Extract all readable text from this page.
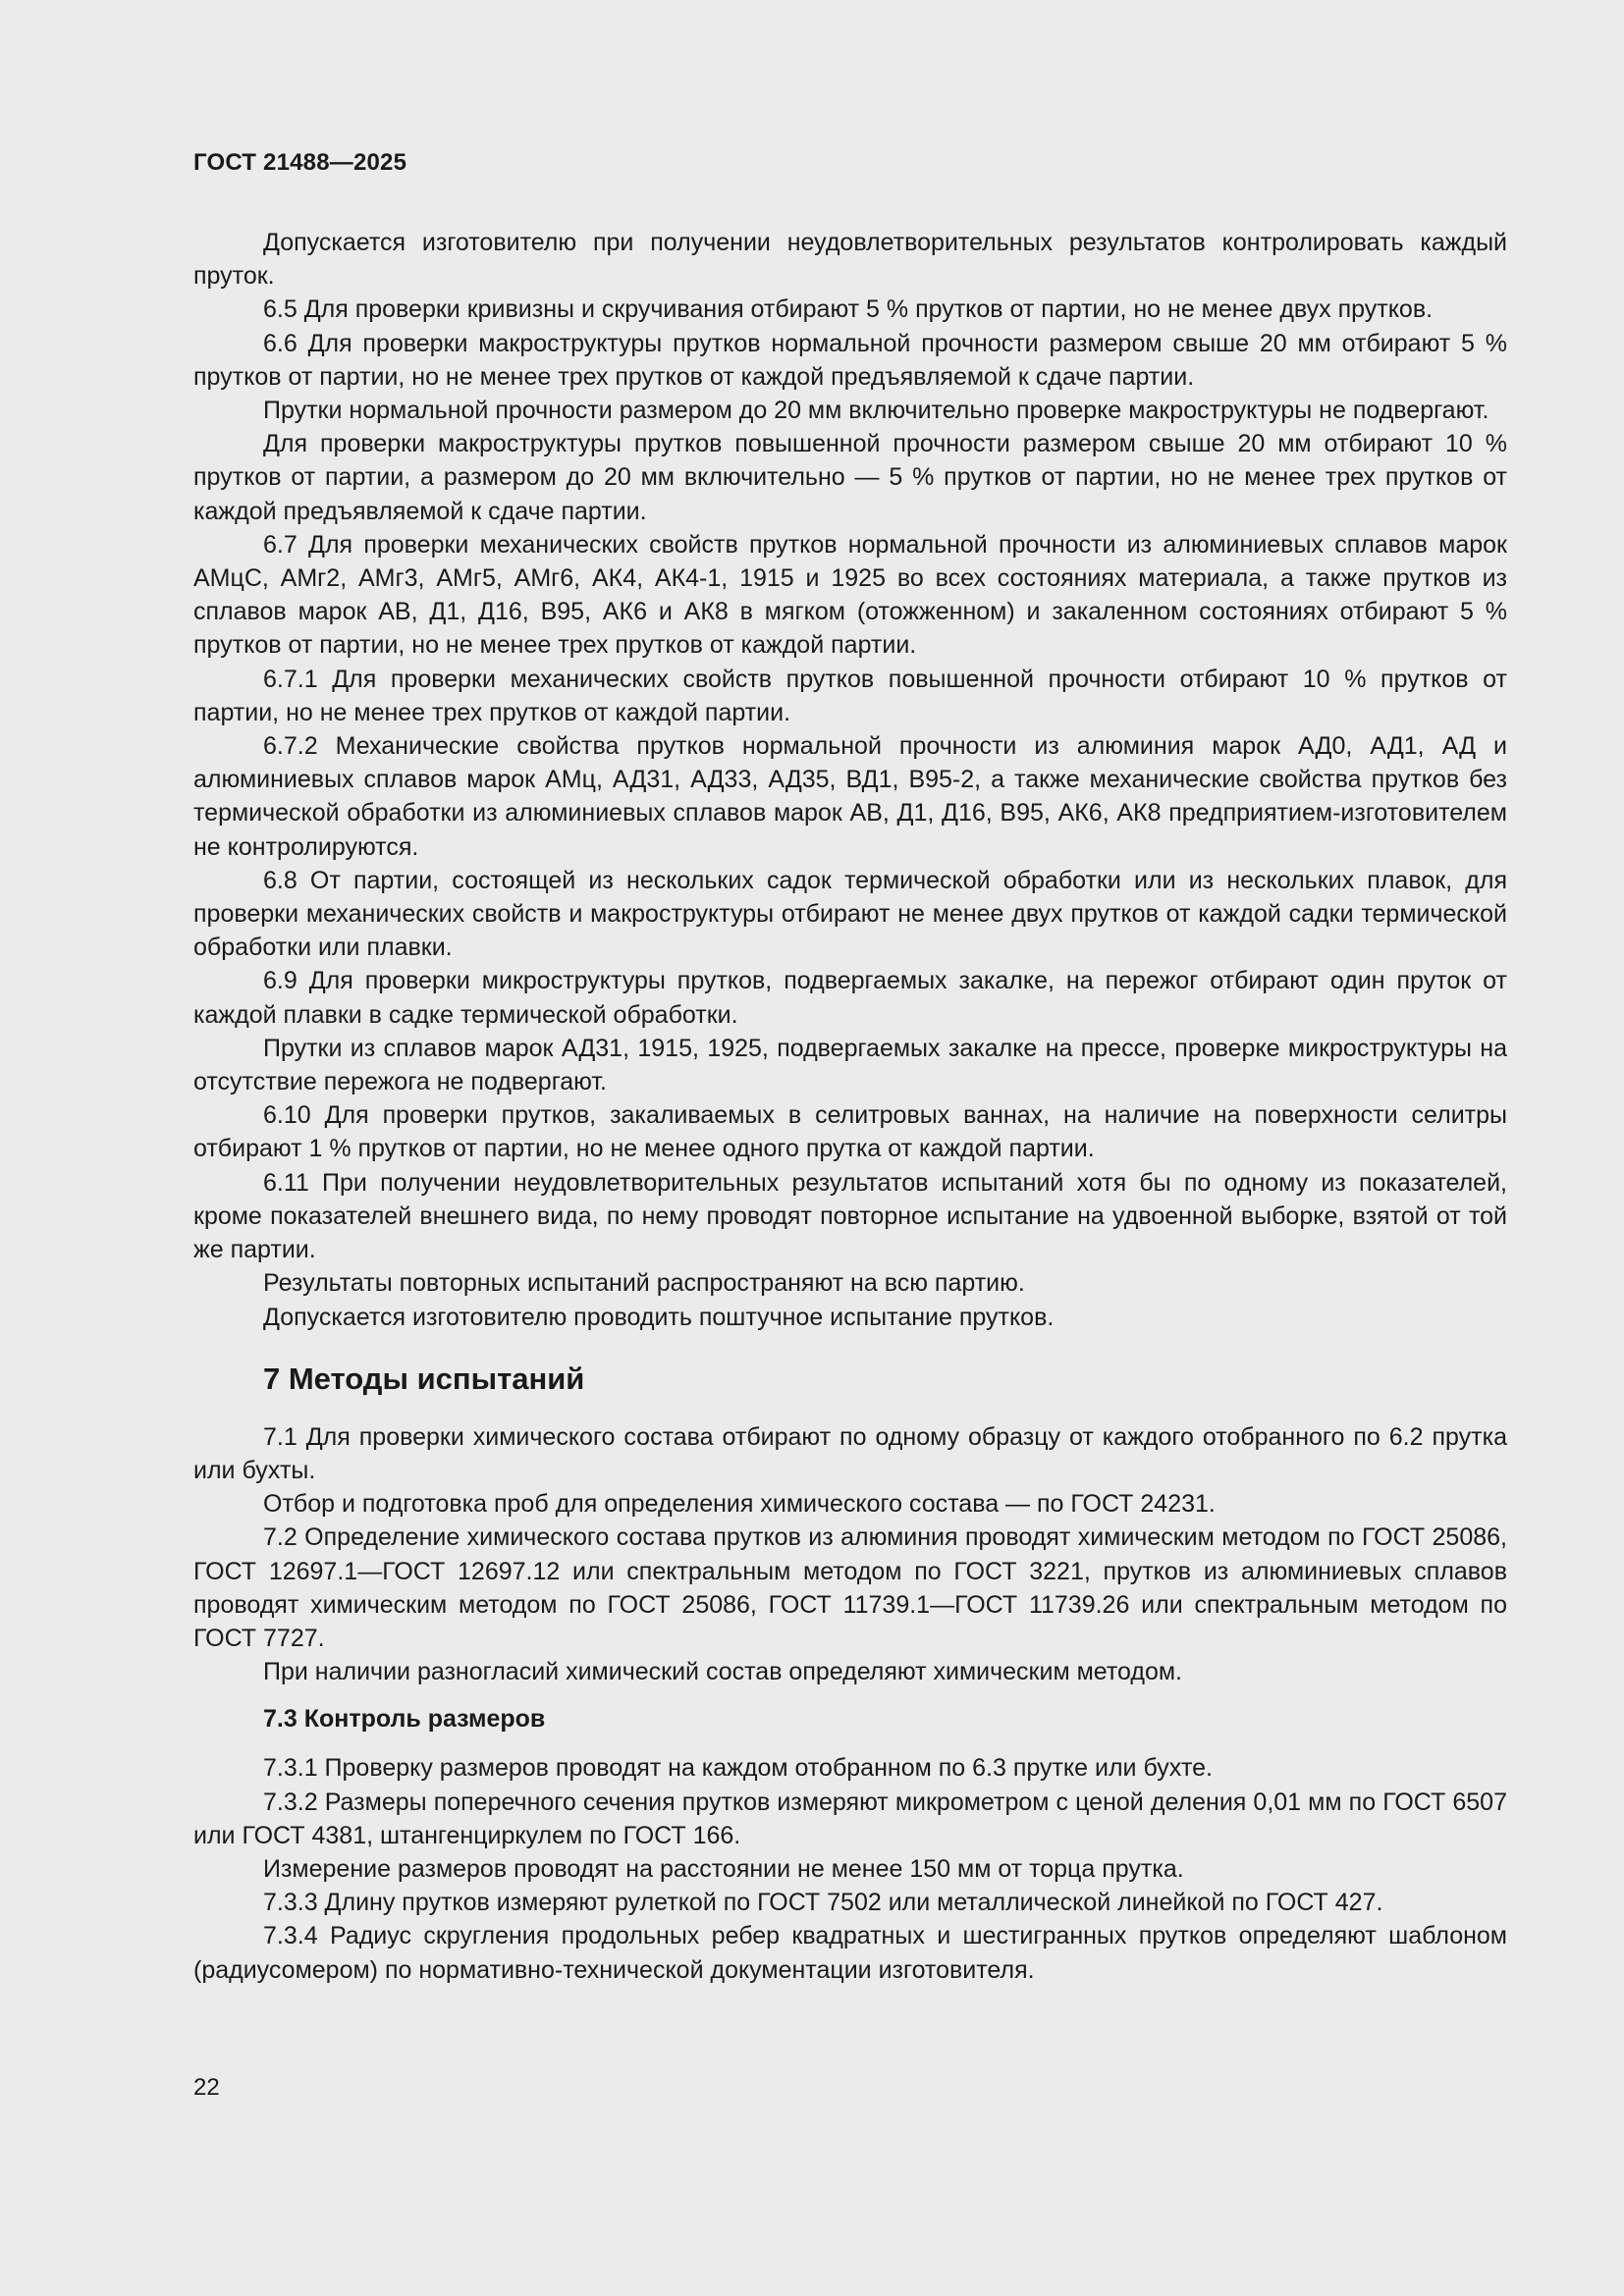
ГОСТ 21488—2025

Допускается изготовителю при получении неудовлетворительных результатов контролировать каждый пруток.

6.5 Для проверки кривизны и скручивания отбирают 5 % прутков от партии, но не менее двух прутков.

6.6 Для проверки макроструктуры прутков нормальной прочности размером свыше 20 мм отбирают 5 % прутков от партии, но не менее трех прутков от каждой предъявляемой к сдаче партии.

Прутки нормальной прочности размером до 20 мм включительно проверке макроструктуры не подвергают.

Для проверки макроструктуры прутков повышенной прочности размером свыше 20 мм отбирают 10 % прутков от партии, а размером до 20 мм включительно — 5 % прутков от партии, но не менее трех прутков от каждой предъявляемой к сдаче партии.

6.7 Для проверки механических свойств прутков нормальной прочности из алюминиевых сплавов марок АМцС, АМг2, АМг3, АМг5, АМг6, АК4, АК4-1, 1915 и 1925 во всех состояниях материала, а также прутков из сплавов марок АВ, Д1, Д16, В95, АК6 и АК8 в мягком (отожженном) и закаленном состояниях отбирают 5 % прутков от партии, но не менее трех прутков от каждой партии.

6.7.1 Для проверки механических свойств прутков повышенной прочности отбирают 10 % прутков от партии, но не менее трех прутков от каждой партии.

6.7.2 Механические свойства прутков нормальной прочности из алюминия марок АД0, АД1, АД и алюминиевых сплавов марок АМц, АД31, АД33, АД35, ВД1, В95-2, а также механические свойства прутков без термической обработки из алюминиевых сплавов марок АВ, Д1, Д16, В95, АК6, АК8 предприятием-изготовителем не контролируются.

6.8 От партии, состоящей из нескольких садок термической обработки или из нескольких плавок, для проверки механических свойств и макроструктуры отбирают не менее двух прутков от каждой садки термической обработки или плавки.

6.9 Для проверки микроструктуры прутков, подвергаемых закалке, на пережог отбирают один пруток от каждой плавки в садке термической обработки.

Прутки из сплавов марок АД31, 1915, 1925, подвергаемых закалке на прессе, проверке микроструктуры на отсутствие пережога не подвергают.

6.10 Для проверки прутков, закаливаемых в селитровых ваннах, на наличие на поверхности селитры отбирают 1 % прутков от партии, но не менее одного прутка от каждой партии.

6.11 При получении неудовлетворительных результатов испытаний хотя бы по одному из показателей, кроме показателей внешнего вида, по нему проводят повторное испытание на удвоенной выборке, взятой от той же партии.

Результаты повторных испытаний распространяют на всю партию.

Допускается изготовителю проводить поштучное испытание прутков.

7 Методы испытаний

7.1 Для проверки химического состава отбирают по одному образцу от каждого отобранного по 6.2 прутка или бухты.

Отбор и подготовка проб для определения химического состава — по ГОСТ 24231.

7.2 Определение химического состава прутков из алюминия проводят химическим методом по ГОСТ 25086, ГОСТ 12697.1—ГОСТ 12697.12 или спектральным методом по ГОСТ 3221, прутков из алюминиевых сплавов проводят химическим методом по ГОСТ 25086, ГОСТ 11739.1—ГОСТ 11739.26 или спектральным методом по ГОСТ 7727.

При наличии разногласий химический состав определяют химическим методом.

7.3 Контроль размеров

7.3.1 Проверку размеров проводят на каждом отобранном по 6.3 прутке или бухте.

7.3.2 Размеры поперечного сечения прутков измеряют микрометром с ценой деления 0,01 мм по ГОСТ 6507 или ГОСТ 4381, штангенциркулем по ГОСТ 166.

Измерение размеров проводят на расстоянии не менее 150 мм от торца прутка.

7.3.3 Длину прутков измеряют рулеткой по ГОСТ 7502 или металлической линейкой по ГОСТ 427.

7.3.4 Радиус скругления продольных ребер квадратных и шестигранных прутков определяют шаблоном (радиусомером) по нормативно-технической документации изготовителя.

22
